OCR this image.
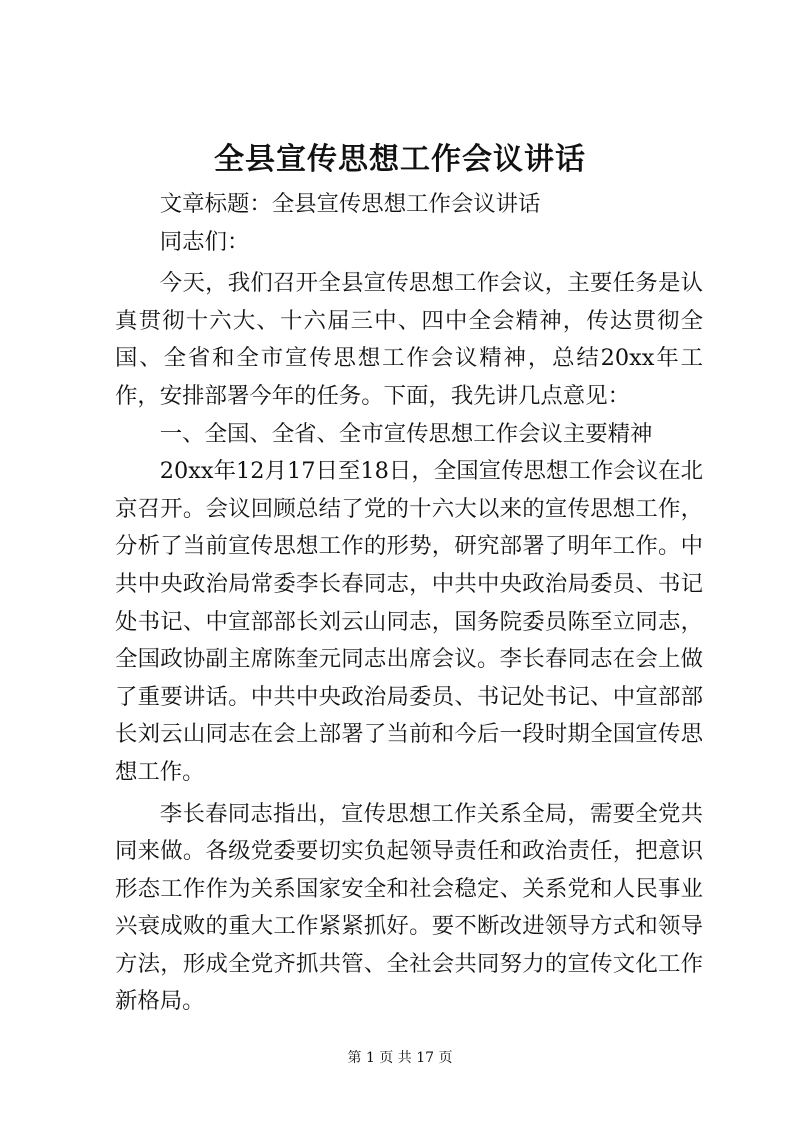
全县宣传思想工作会议讲话

文章标题：全县宣传思想工作会议讲话

同志们：

今天，我们召开全县宣传思想工作会议，主要任务是认真贯彻十六大、十六届三中、四中全会精神，传达贯彻全国、全省和全市宣传思想工作会议精神，总结20xx年工作，安排部署今年的任务。下面，我先讲几点意见：

一、全国、全省、全市宣传思想工作会议主要精神

20xx年12月17日至18日，全国宣传思想工作会议在北京召开。会议回顾总结了党的十六大以来的宣传思想工作，分析了当前宣传思想工作的形势，研究部署了明年工作。中共中央政治局常委李长春同志，中共中央政治局委员、书记处书记、中宣部部长刘云山同志，国务院委员陈至立同志，全国政协副主席陈奎元同志出席会议。李长春同志在会上做了重要讲话。中共中央政治局委员、书记处书记、中宣部部长刘云山同志在会上部署了当前和今后一段时期全国宣传思想工作。

李长春同志指出，宣传思想工作关系全局，需要全党共同来做。各级党委要切实负起领导责任和政治责任，把意识形态工作作为关系国家安全和社会稳定、关系党和人民事业兴衰成败的重大工作紧紧抓好。要不断改进领导方式和领导方法，形成全党齐抓共管、全社会共同努力的宣传文化工作新格局。

第 1 页 共 17 页
